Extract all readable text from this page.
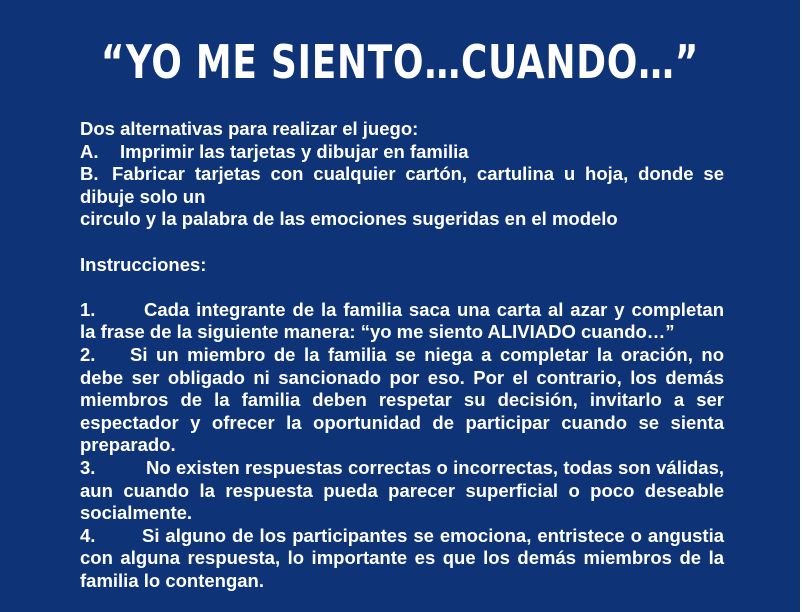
“YO ME SIENTO…CUANDO…”
Dos alternativas para realizar el juego:
A. Imprimir las tarjetas y dibujar en familia
B. Fabricar tarjetas con cualquier cartón, cartulina u hoja, donde se dibuje solo un
circulo y la palabra de las emociones sugeridas en el modelo
Instrucciones:
1.	Cada integrante de la familia saca una carta al azar y completan la frase de la siguiente manera: “yo me siento ALIVIADO cuando…”
2. Si un miembro de la familia se niega a completar la oración, no debe ser obligado ni sancionado por eso. Por el contrario, los demás miembros de la familia deben respetar su decisión, invitarlo a ser espectador y ofrecer la oportunidad de participar cuando se sienta preparado.
3.	No existen respuestas correctas o incorrectas, todas son válidas, aun cuando la respuesta pueda parecer superficial o poco deseable socialmente.
4.	Si alguno de los participantes se emociona, entristece o angustia con alguna respuesta, lo importante es que los demás miembros de la familia lo contengan.
